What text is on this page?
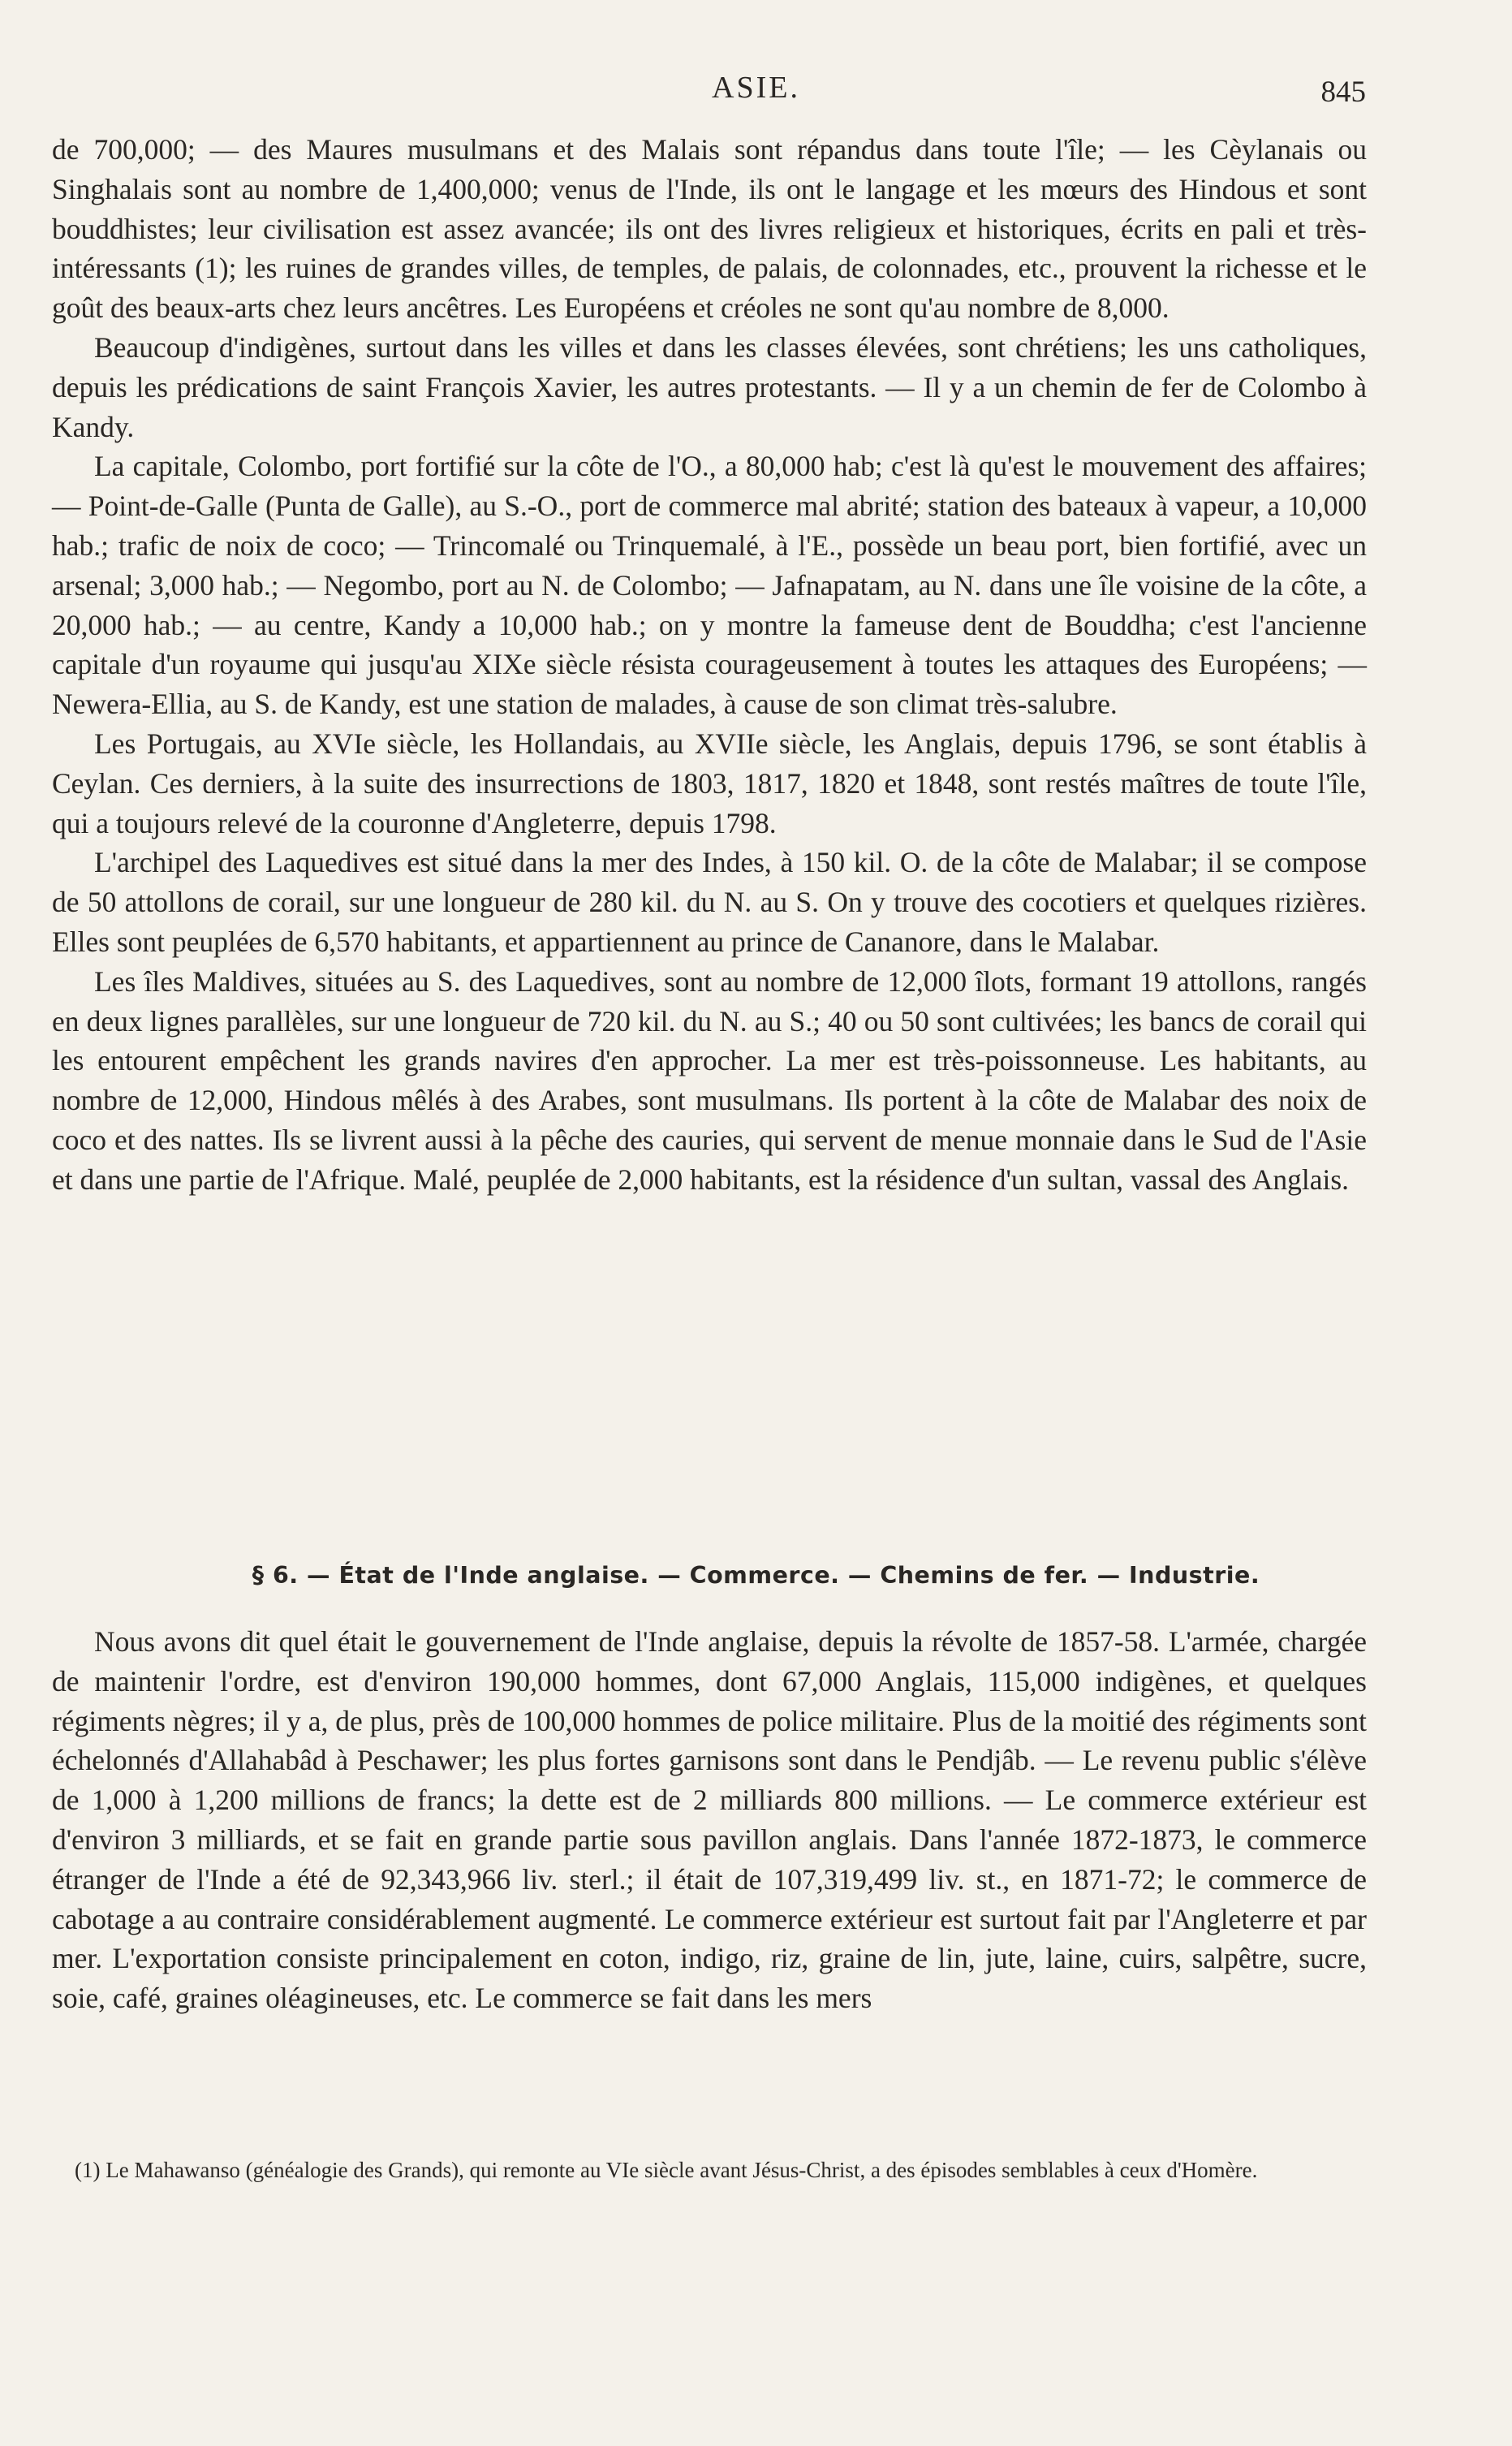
ASIE.	845

de 700,000; — des Maures musulmans et des Malais sont répandus dans toute l'île; — les Cèylanais ou Singhalais sont au nombre de 1,400,000; venus de l'Inde, ils ont le langage et les mœurs des Hindous et sont bouddhistes; leur civilisation est assez avancée; ils ont des livres religieux et historiques, écrits en pali et très-intéressants (1); les ruines de grandes villes, de temples, de palais, de colonnades, etc., prouvent la richesse et le goût des beaux-arts chez leurs ancêtres. Les Européens et créoles ne sont qu'au nombre de 8,000.

Beaucoup d'indigènes, surtout dans les villes et dans les classes élevées, sont chrétiens; les uns catholiques, depuis les prédications de saint François Xavier, les autres protestants. — Il y a un chemin de fer de Colombo à Kandy.

La capitale, Colombo, port fortifié sur la côte de l'O., a 80,000 hab; c'est là qu'est le mouvement des affaires; — Point-de-Galle (Punta de Galle), au S.-O., port de commerce mal abrité; station des bateaux à vapeur, a 10,000 hab.; trafic de noix de coco; — Trincomalé ou Trinquemalé, à l'E., possède un beau port, bien fortifié, avec un arsenal; 3,000 hab.; — Negombo, port au N. de Colombo; — Jafnapatam, au N. dans une île voisine de la côte, a 20,000 hab.; — au centre, Kandy a 10,000 hab.; on y montre la fameuse dent de Bouddha; c'est l'ancienne capitale d'un royaume qui jusqu'au XIXe siècle résista courageusement à toutes les attaques des Européens; — Newera-Ellia, au S. de Kandy, est une station de malades, à cause de son climat très-salubre.

Les Portugais, au XVIe siècle, les Hollandais, au XVIIe siècle, les Anglais, depuis 1796, se sont établis à Ceylan. Ces derniers, à la suite des insurrections de 1803, 1817, 1820 et 1848, sont restés maîtres de toute l'île, qui a toujours relevé de la couronne d'Angleterre, depuis 1798.

L'archipel des Laquedives est situé dans la mer des Indes, à 150 kil. O. de la côte de Malabar; il se compose de 50 attollons de corail, sur une longueur de 280 kil. du N. au S. On y trouve des cocotiers et quelques rizières. Elles sont peuplées de 6,570 habitants, et appartiennent au prince de Cananore, dans le Malabar.

Les îles Maldives, situées au S. des Laquedives, sont au nombre de 12,000 îlots, formant 19 attollons, rangés en deux lignes parallèles, sur une longueur de 720 kil. du N. au S.; 40 ou 50 sont cultivées; les bancs de corail qui les entourent empêchent les grands navires d'en approcher. La mer est très-poissonneuse. Les habitants, au nombre de 12,000, Hindous mêlés à des Arabes, sont musulmans. Ils portent à la côte de Malabar des noix de coco et des nattes. Ils se livrent aussi à la pêche des cauries, qui servent de menue monnaie dans le Sud de l'Asie et dans une partie de l'Afrique. Malé, peuplée de 2,000 habitants, est la résidence d'un sultan, vassal des Anglais.

§ 6. — État de l'Inde anglaise. — Commerce. — Chemins de fer. — Industrie.

Nous avons dit quel était le gouvernement de l'Inde anglaise, depuis la révolte de 1857-58. L'armée, chargée de maintenir l'ordre, est d'environ 190,000 hommes, dont 67,000 Anglais, 115,000 indigènes, et quelques régiments nègres; il y a, de plus, près de 100,000 hommes de police militaire. Plus de la moitié des régiments sont échelonnés d'Allahabâd à Peschawer; les plus fortes garnisons sont dans le Pendjâb. — Le revenu public s'élève de 1,000 à 1,200 millions de francs; la dette est de 2 milliards 800 millions. — Le commerce extérieur est d'environ 3 milliards, et se fait en grande partie sous pavillon anglais. Dans l'année 1872-1873, le commerce étranger de l'Inde a été de 92,343,966 liv. sterl.; il était de 107,319,499 liv. st., en 1871-72; le commerce de cabotage a au contraire considérablement augmenté. Le commerce extérieur est surtout fait par l'Angleterre et par mer. L'exportation consiste principalement en coton, indigo, riz, graine de lin, jute, laine, cuirs, salpêtre, sucre, soie, café, graines oléagineuses, etc. Le commerce se fait dans les mers

(1) Le Mahawanso (généalogie des Grands), qui remonte au VIe siècle avant Jésus-Christ, a des épisodes semblables à ceux d'Homère.
